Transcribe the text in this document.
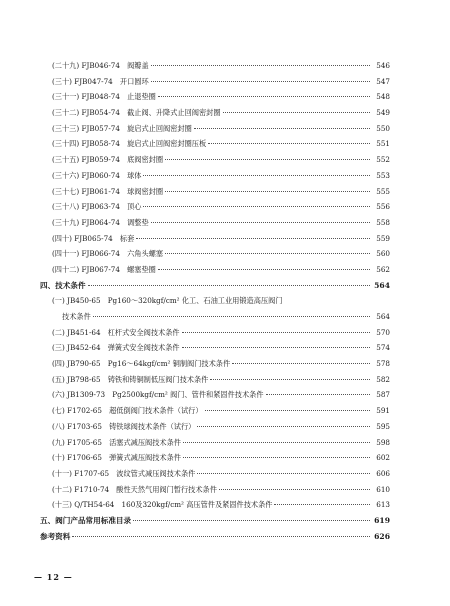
(二十九) FJB046-74　阀瓣盖	546
(三十) FJB047-74　开口圆环	547
(三十一) FJB048-74　止退垫圈	548
(三十二) FJB054-74　截止阀、升降式止回阀密封圈	549
(三十三) FJB057-74　旋启式止回阀密封圈	550
(三十四) FJB058-74　旋启式止回阀密封圈压板	551
(三十五) FJB059-74　底阀密封圈	552
(三十六) FJB060-74　球体	553
(三十七) FJB061-74　球阀密封圈	555
(三十八) FJB063-74　顶心	556
(三十九) FJB064-74　调整垫	558
(四十) FJB065-74　标套	559
(四十一) FJB066-74　六角头螺塞	560
(四十二) FJB067-74　螺塞垫圈	562
四、技术条件	564
(一) JB450-65　Pg160～320kgf/cm² 化工、石油工业用锻造高压阀门
技术条件	564
(二) JB451-64　杠杆式安全阀技术条件	570
(三) JB452-64　弹簧式安全阀技术条件	574
(四) JB790-65　Pg16～64kgf/cm² 铜制阀门技术条件	578
(五) JB798-65　铸铁和铸铜制低压阀门技术条件	582
(六) JB1309-73　Pg2500kgf/cm² 阀门、管件和紧固件技术条件	587
(七) F1702-65　超低倒阀门技术条件（试行）	591
(八) F1703-65　铸铁球阀技术条件（试行）	595
(九) F1705-65　活塞式减压阀技术条件	598
(十) F1706-65　弹簧式减压阀技术条件	602
(十一) F1707-65　波纹管式减压阀技术条件	606
(十二) F1710-74　酸性天然气用阀门暂行技术条件	610
(十三) Q/TH54-64　160及320kgf/cm² 高压管件及紧固件技术条件	613
五、阀门产品常用标准目录	619
参考资料	626
— 12 —
